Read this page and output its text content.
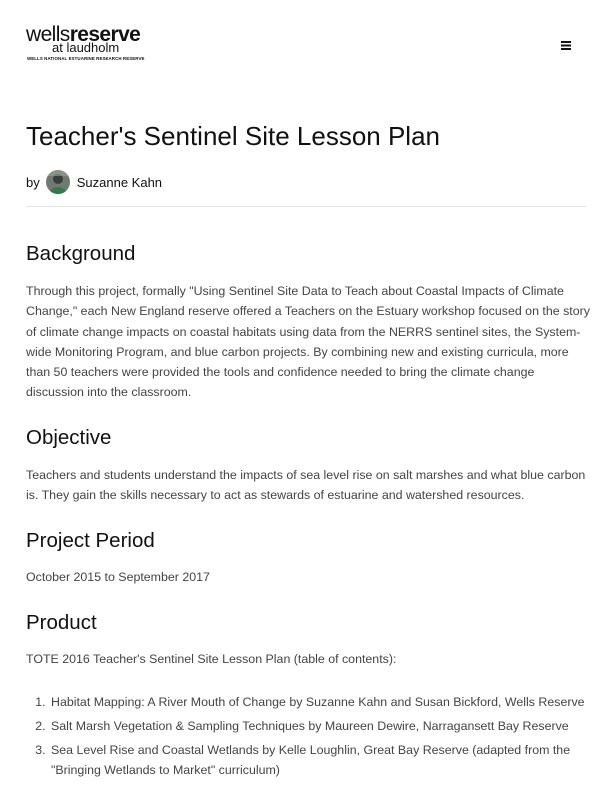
wellsreserve
at laudholm
WELLS NATIONAL ESTUARINE RESEARCH RESERVE
Teacher's Sentinel Site Lesson Plan
by	Suzanne Kahn
Background

Through this project, formally "Using Sentinel Site Data to Teach about Coastal Impacts of Climate Change," each New England reserve offered a Teachers on the Estuary workshop focused on the story of climate change impacts on coastal habitats using data from the NERRS sentinel sites, the System-wide Monitoring Program, and blue carbon projects. By combining new and existing curricula, more than 50 teachers were provided the tools and confidence needed to bring the climate change discussion into the classroom.

Objective

Teachers and students understand the impacts of sea level rise on salt marshes and what blue carbon is. They gain the skills necessary to act as stewards of estuarine and watershed resources.

Project Period

October 2015 to September 2017

Product

TOTE 2016 Teacher's Sentinel Site Lesson Plan (table of contents):

1. Habitat Mapping: A River Mouth of Change by Suzanne Kahn and Susan Bickford, Wells Reserve
2. Salt Marsh Vegetation & Sampling Techniques by Maureen Dewire, Narragansett Bay Reserve
3. Sea Level Rise and Coastal Wetlands by Kelle Loughlin, Great Bay Reserve (adapted from the "Bringing Wetlands to Market" curriculum)
